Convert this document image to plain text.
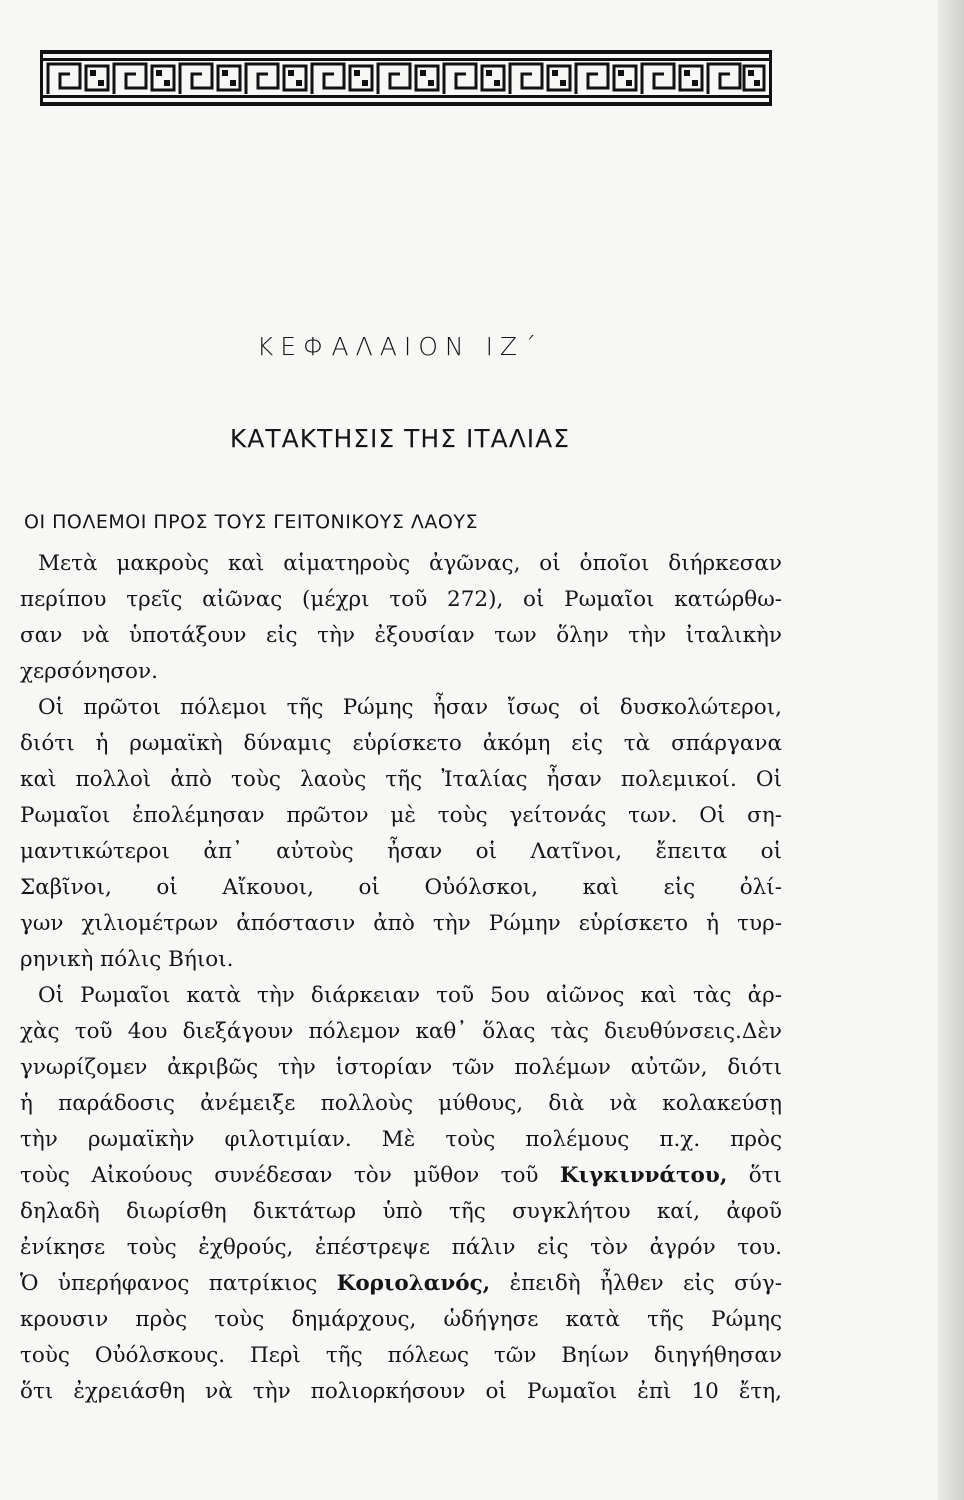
ΚΕΦΑΛΑΙΟΝ ΙΖ΄
ΚΑΤΑΚΤΗΣΙΣ ΤΗΣ ΙΤΑΛΙΑΣ
ΟΙ ΠΟΛΕΜΟΙ ΠΡΟΣ ΤΟΥΣ ΓΕΙΤΟΝΙΚΟΥΣ ΛΑΟΥΣ
Μετὰ μακροὺς καὶ αἱματηροὺς ἀγῶνας, οἱ ὁποῖοι διήρκεσαν
περίπου τρεῖς αἰῶνας (μέχρι τοῦ 272), οἱ Ρωμαῖοι κατώρθω-
σαν νὰ ὑποτάξουν εἰς τὴν ἐξουσίαν των ὅλην τὴν ἰταλικὴν
χερσόνησον.
Οἱ πρῶτοι πόλεμοι τῆς Ρώμης ἦσαν ἴσως οἱ δυσκολώτεροι,
διότι ἡ ρωμαϊκὴ δύναμις εὑρίσκετο ἀκόμη εἰς τὰ σπάργανα
καὶ πολλοὶ ἀπὸ τοὺς λαοὺς τῆς Ἰταλίας ἦσαν πολεμικοί. Οἱ
Ρωμαῖοι ἐπολέμησαν πρῶτον μὲ τοὺς γείτονάς των. Οἱ ση-
μαντικώτεροι ἀπ᾽ αὐτοὺς ἦσαν οἱ Λατῖνοι, ἔπειτα οἱ
Σαβῖνοι, οἱ Αἴκουοι, οἱ Οὐόλσκοι, καὶ εἰς ὀλί-
γων χιλιομέτρων ἀπόστασιν ἀπὸ τὴν Ρώμην εὑρίσκετο ἡ τυρ-
ρηνικὴ πόλις Βήιοι.
Οἱ Ρωμαῖοι κατὰ τὴν διάρκειαν τοῦ 5ου αἰῶνος καὶ τὰς ἀρ-
χὰς τοῦ 4ου διεξάγουν πόλεμον καθ᾽ ὅλας τὰς διευθύνσεις.Δὲν
γνωρίζομεν ἀκριβῶς τὴν ἱστορίαν τῶν πολέμων αὐτῶν, διότι
ἡ παράδοσις ἀνέμειξε πολλοὺς μύθους, διὰ νὰ κολακεύσῃ
τὴν ρωμαϊκὴν φιλοτιμίαν. Μὲ τοὺς πολέμους π.χ. πρὸς
τοὺς Αἰκούους συνέδεσαν τὸν μῦθον τοῦ Κιγκιννάτου, ὅτι
δηλαδὴ διωρίσθη δικτάτωρ ὑπὸ τῆς συγκλήτου καί, ἀφοῦ
ἐνίκησε τοὺς ἐχθρούς, ἐπέστρεψε πάλιν εἰς τὸν ἀγρόν του.
Ὁ ὑπερήφανος πατρίκιος Κοριολανός, ἐπειδὴ ἦλθεν εἰς σύγ-
κρουσιν πρὸς τοὺς δημάρχους, ὡδήγησε κατὰ τῆς Ρώμης
τοὺς Οὐόλσκους. Περὶ τῆς πόλεως τῶν Βηίων διηγήθησαν
ὅτι ἐχρειάσθη νὰ τὴν πολιορκήσουν οἱ Ρωμαῖοι ἐπὶ 10 ἔτη,
